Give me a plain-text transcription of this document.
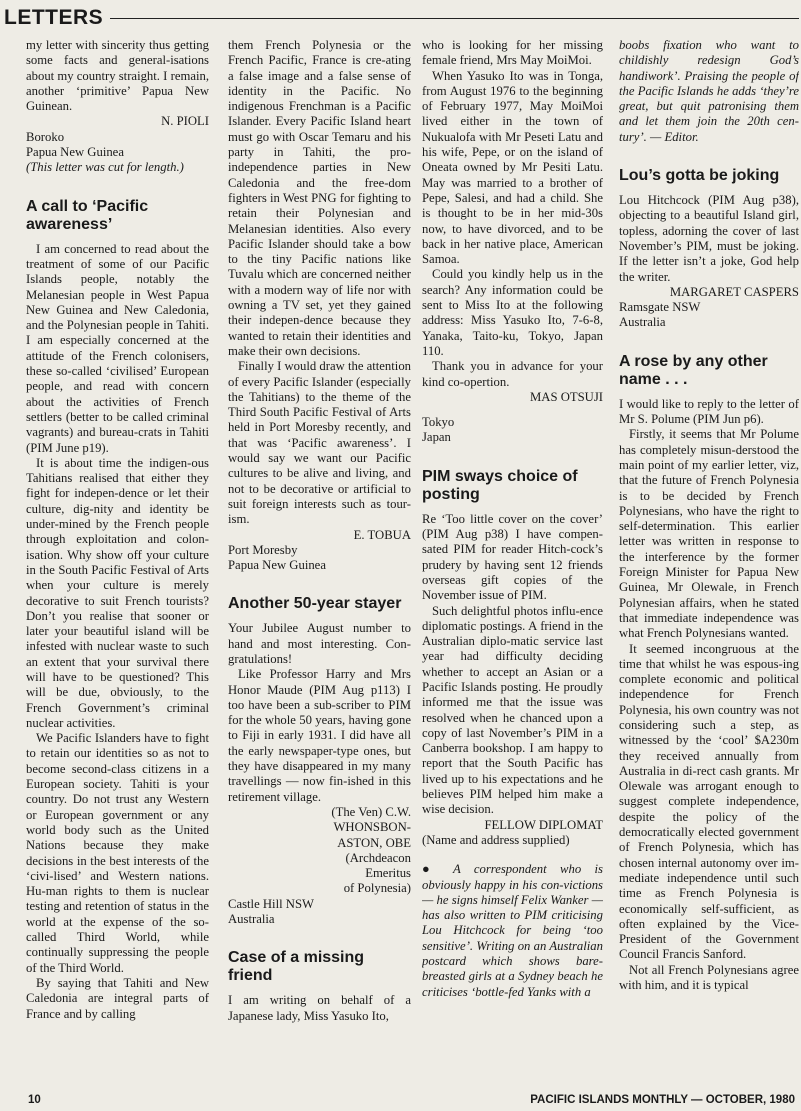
LETTERS

my letter with sincerity thus getting some facts and general-isations about my country straight. I remain, another ‘primitive’ Papua New Guinean.

N. PIOLI
Boroko
Papua New Guinea
(This letter was cut for length.)
A call to ‘Pacific awareness’

I am concerned to read about the treatment of some of our Pacific Islands people, notably the Melanesian people in West Papua New Guinea and New Caledonia, and the Polynesian people in Tahiti. I am especially concerned at the attitude of the French colonisers, these so-called ‘civilised’ European people, and read with concern about the activities of French settlers (better to be called criminal vagrants) and bureau-crats in Tahiti (PIM June p19).

It is about time the indigen-ous Tahitians realised that either they fight for indepen-dence or let their culture, dig-nity and identity be under-mined by the French people through exploitation and colon-isation. Why show off your culture in the South Pacific Festival of Arts when your culture is merely decorative to suit French tourists? Don’t you realise that sooner or later your beautiful island will be infested with nuclear waste to such an extent that your survival there will have to be questioned? This will be due, obviously, to the French Government’s criminal nuclear activities.

We Pacific Islanders have to fight to retain our identities so as not to become second-class citizens in a European society. Tahiti is your country. Do not trust any Western or European government or any world body such as the United Nations because they make decisions in the best interests of the ‘civi-lised’ and Western nations. Hu-man rights to them is nuclear testing and retention of status in the world at the expense of the so-called Third World, while continually suppressing the people of the Third World.

By saying that Tahiti and New Caledonia are integral parts of France and by calling

them French Polynesia or the French Pacific, France is cre-ating a false image and a false sense of identity in the Pacific. No indigenous Frenchman is a Pacific Islander. Every Pacific Island heart must go with Oscar Temaru and his party in Tahiti, the pro-independence parties in New Caledonia and the free-dom fighters in West PNG for fighting to retain their Polynesian and Melanesian identities. Also every Pacific Islander should take a bow to the tiny Pacific nations like Tuvalu which are concerned neither with a modern way of life nor with owning a TV set, yet they gained their indepen-dence because they wanted to retain their identities and make their own decisions.

Finally I would draw the attention of every Pacific Islander (especially the Tahitians) to the theme of the Third South Pacific Festival of Arts held in Port Moresby recently, and that was ‘Pacific awareness’. I would say we want our Pacific cultures to be alive and living, and not to be decorative or artificial to suit foreign interests such as tour-ism.

E. TOBUA
Port Moresby
Papua New Guinea
Another 50-year stayer

Your Jubilee August number to hand and most interesting. Con-gratulations!

Like Professor Harry and Mrs Honor Maude (PIM Aug p113) I too have been a sub-scriber to PIM for the whole 50 years, having gone to Fiji in early 1931. I did have all the early newspaper-type ones, but they have disappeared in my many travellings — now fin-ished in this retirement village.

(The Ven) C.W.
WHONSBON-
ASTON, OBE
(Archdeacon
Emeritus
of Polynesia)
Castle Hill NSW
Australia
Case of a missing friend

I am writing on behalf of a Japanese lady, Miss Yasuko Ito,

who is looking for her missing female friend, Mrs May MoiMoi.

When Yasuko Ito was in Tonga, from August 1976 to the beginning of February 1977, May MoiMoi lived either in the town of Nukualofa with Mr Peseti Latu and his wife, Pepe, or on the island of Oneata owned by Mr Pesiti Latu. May was married to a brother of Pepe, Salesi, and had a child. She is thought to be in her mid-30s now, to have divorced, and to be back in her native place, American Samoa.

Could you kindly help us in the search? Any information could be sent to Miss Ito at the following address: Miss Yasuko Ito, 7-6-8, Yanaka, Taito-ku, Tokyo, Japan 110.

Thank you in advance for your kind co-opertion.

MAS OTSUJI
Tokyo
Japan
PIM sways choice of posting

Re ‘Too little cover on the cover’ (PIM Aug p38) I have compen-sated PIM for reader Hitch-cock’s prudery by having sent 12 friends overseas gift copies of the November issue of PIM.

Such delightful photos influ-ence diplomatic postings. A friend in the Australian diplo-matic service last year had difficulty deciding whether to accept an Asian or a Pacific Islands posting. He proudly informed me that the issue was resolved when he chanced upon a copy of last November’s PIM in a Canberra bookshop. I am happy to report that the South Pacific has lived up to his expectations and he believes PIM helped him make a wise decision.

FELLOW DIPLOMAT
(Name and address supplied)

● A correspondent who is obviously happy in his con-victions — he signs himself Felix Wanker — has also written to PIM criticising Lou Hitchcock for being ‘too sensitive’. Writing on an Australian postcard which shows bare-breasted girls at a Sydney beach he criticises ‘bottle-fed Yanks with a

boobs fixation who want to childishly redesign God’s handiwork’. Praising the people of the Pacific Islands he adds ‘they’re great, but quit patronising them and let them join the 20th cen-tury’. — Editor.

Lou’s gotta be joking

Lou Hitchcock (PIM Aug p38), objecting to a beautiful Island girl, topless, adorning the cover of last November’s PIM, must be joking. If the letter isn’t a joke, God help the writer.

MARGARET CASPERS
Ramsgate NSW
Australia
A rose by any other name . . .

I would like to reply to the letter of Mr S. Polume (PIM Jun p6).

Firstly, it seems that Mr Polume has completely misun-derstood the main point of my earlier letter, viz, that the future of French Polynesia is to be decided by French Polynesians, who have the right to self-determination. This earlier letter was written in response to the interference by the former Foreign Minister for Papua New Guinea, Mr Olewale, in French Polynesian affairs, when he stated that immediate independence was what French Polynesians wanted.

It seemed incongruous at the time that whilst he was espous-ing complete economic and political independence for French Polynesia, his own country was not considering such a step, as witnessed by the ‘cool’ $A230m they received annually from Australia in di-rect cash grants. Mr Olewale was arrogant enough to suggest complete independence, despite the policy of the democratically elected government of French Polynesia, which has chosen internal autonomy over im-mediate independence until such time as French Polynesia is economically self-sufficient, as often explained by the Vice-President of the Government Council Francis Sanford.

Not all French Polynesians agree with him, and it is typical

10	PACIFIC ISLANDS MONTHLY — OCTOBER, 1980
